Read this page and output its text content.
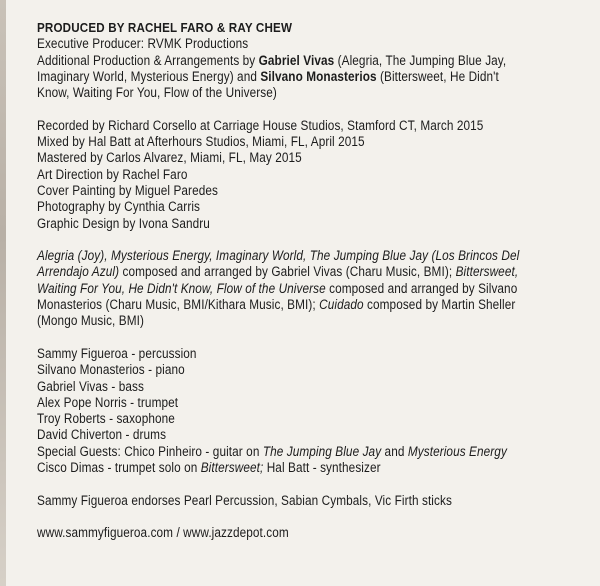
PRODUCED BY RACHEL FARO & RAY CHEW

Executive Producer: RVMK Productions

Additional Production & Arrangements by Gabriel Vivas (Alegria, The Jumping Blue Jay, Imaginary World, Mysterious Energy) and Silvano Monasterios (Bittersweet, He Didn't Know, Waiting For You, Flow of the Universe)

Recorded by Richard Corsello at Carriage House Studios, Stamford CT, March 2015

Mixed by Hal Batt at Afterhours Studios, Miami, FL, April 2015

Mastered by Carlos Alvarez, Miami, FL, May 2015

Art Direction by Rachel Faro

Cover Painting by Miguel Paredes

Photography by Cynthia Carris

Graphic Design by Ivona Sandru

Alegria (Joy), Mysterious Energy, Imaginary World, The Jumping Blue Jay (Los Brincos Del Arrendajo Azul) composed and arranged by Gabriel Vivas (Charu Music, BMI); Bittersweet, Waiting For You, He Didn't Know, Flow of the Universe composed and arranged by Silvano Monasterios (Charu Music, BMI/Kithara Music, BMI); Cuidado composed by Martin Sheller (Mongo Music, BMI)

Sammy Figueroa - percussion

Silvano Monasterios - piano

Gabriel Vivas - bass

Alex Pope Norris - trumpet

Troy Roberts - saxophone

David Chiverton - drums

Special Guests: Chico Pinheiro - guitar on The Jumping Blue Jay and Mysterious Energy

Cisco Dimas - trumpet solo on Bittersweet; Hal Batt - synthesizer

Sammy Figueroa endorses Pearl Percussion, Sabian Cymbals, Vic Firth sticks

www.sammyfigueroa.com / www.jazzdepot.com
